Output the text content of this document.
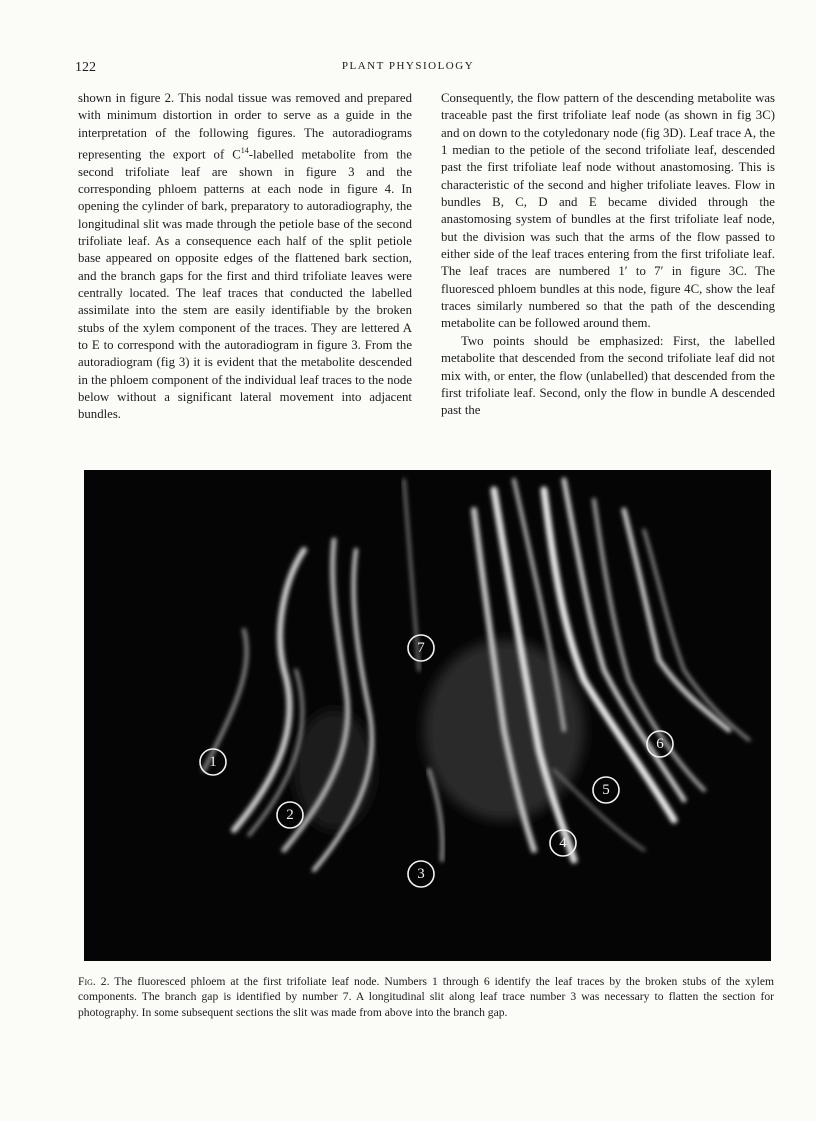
122	PLANT PHYSIOLOGY

shown in figure 2. This nodal tissue was removed and prepared with minimum distortion in order to serve as a guide in the interpretation of the following figures. The autoradiograms representing the export of $C^{14}$-labelled metabolite from the second trifoliate leaf are shown in figure 3 and the corresponding phloem patterns at each node in figure 4. In opening the cylinder of bark, preparatory to autoradiography, the longitudinal slit was made through the petiole base of the second trifoliate leaf. As a consequence each half of the split petiole base appeared on opposite edges of the flattened bark section, and the branch gaps for the first and third trifoliate leaves were centrally located. The leaf traces that conducted the labelled assimilate into the stem are easily identifiable by the broken stubs of the xylem component of the traces. They are lettered A to E to correspond with the autoradiogram in figure 3. From the autoradiogram (fig 3) it is evident that the metabolite descended in the phloem component of the individual leaf traces to the node below without a significant lateral movement into adjacent bundles.

Consequently, the flow pattern of the descending metabolite was traceable past the first trifoliate leaf node (as shown in fig 3C) and on down to the cotyledonary node (fig 3D). Leaf trace A, the 1 median to the petiole of the second trifoliate leaf, descended past the first trifoliate leaf node without anastomosing. This is characteristic of the second and higher trifoliate leaves. Flow in bundles B, C, D and E became divided through the anastomosing system of bundles at the first trifoliate leaf node, but the division was such that the arms of the flow passed to either side of the leaf traces entering from the first trifoliate leaf. The leaf traces are numbered 1′ to 7′ in figure 3C. The fluoresced phloem bundles at this node, figure 4C, show the leaf traces similarly numbered so that the path of the descending metabolite can be followed around them.

Two points should be emphasized: First, the labelled metabolite that descended from the second trifoliate leaf did not mix with, or enter, the flow (unlabelled) that descended from the first trifoliate leaf. Second, only the flow in bundle A descended past the

1
2
3
4
5
6
7
Fig. 2. The fluoresced phloem at the first trifoliate leaf node. Numbers 1 through 6 identify the leaf traces by the broken stubs of the xylem components. The branch gap is identified by number 7. A longitudinal slit along leaf trace number 3 was necessary to flatten the section for photography. In some subsequent sections the slit was made from above into the branch gap.
